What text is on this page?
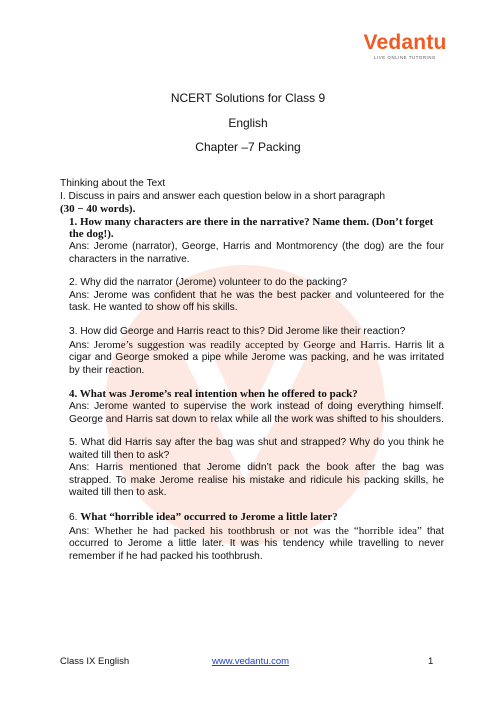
Vedantu
LIVE ONLINE TUTORING
NCERT Solutions for Class 9
English
Chapter –7 Packing

Thinking about the Text

I. Discuss in pairs and answer each question below in a short paragraph

(30 − 40 words).

1. How many characters are there in the narrative? Name them. (Don’t forget the dog!).

Ans: Jerome (narrator), George, Harris and Montmorency (the dog) are the four characters in the narrative.

2. Why did the narrator (Jerome) volunteer to do the packing?

Ans: Jerome was confident that he was the best packer and volunteered for the task. He wanted to show off his skills.

3. How did George and Harris react to this? Did Jerome like their reaction?

Ans: Jerome’s suggestion was readily accepted by George and Harris. Harris lit a cigar and George smoked a pipe while Jerome was packing, and he was irritated by their reaction.

4. What was Jerome’s real intention when he offered to pack?

Ans: Jerome wanted to supervise the work instead of doing everything himself. George and Harris sat down to relax while all the work was shifted to his shoulders.

5. What did Harris say after the bag was shut and strapped? Why do you think he waited till then to ask?

Ans: Harris mentioned that Jerome didn’t pack the book after the bag was strapped. To make Jerome realise his mistake and ridicule his packing skills, he waited till then to ask.

6. What “horrible idea” occurred to Jerome a little later?

Ans: Whether he had packed his toothbrush or not was the “horrible idea” that occurred to Jerome a little later. It was his tendency while travelling to never remember if he had packed his toothbrush.

Class IX English	www.vedantu.com	1
